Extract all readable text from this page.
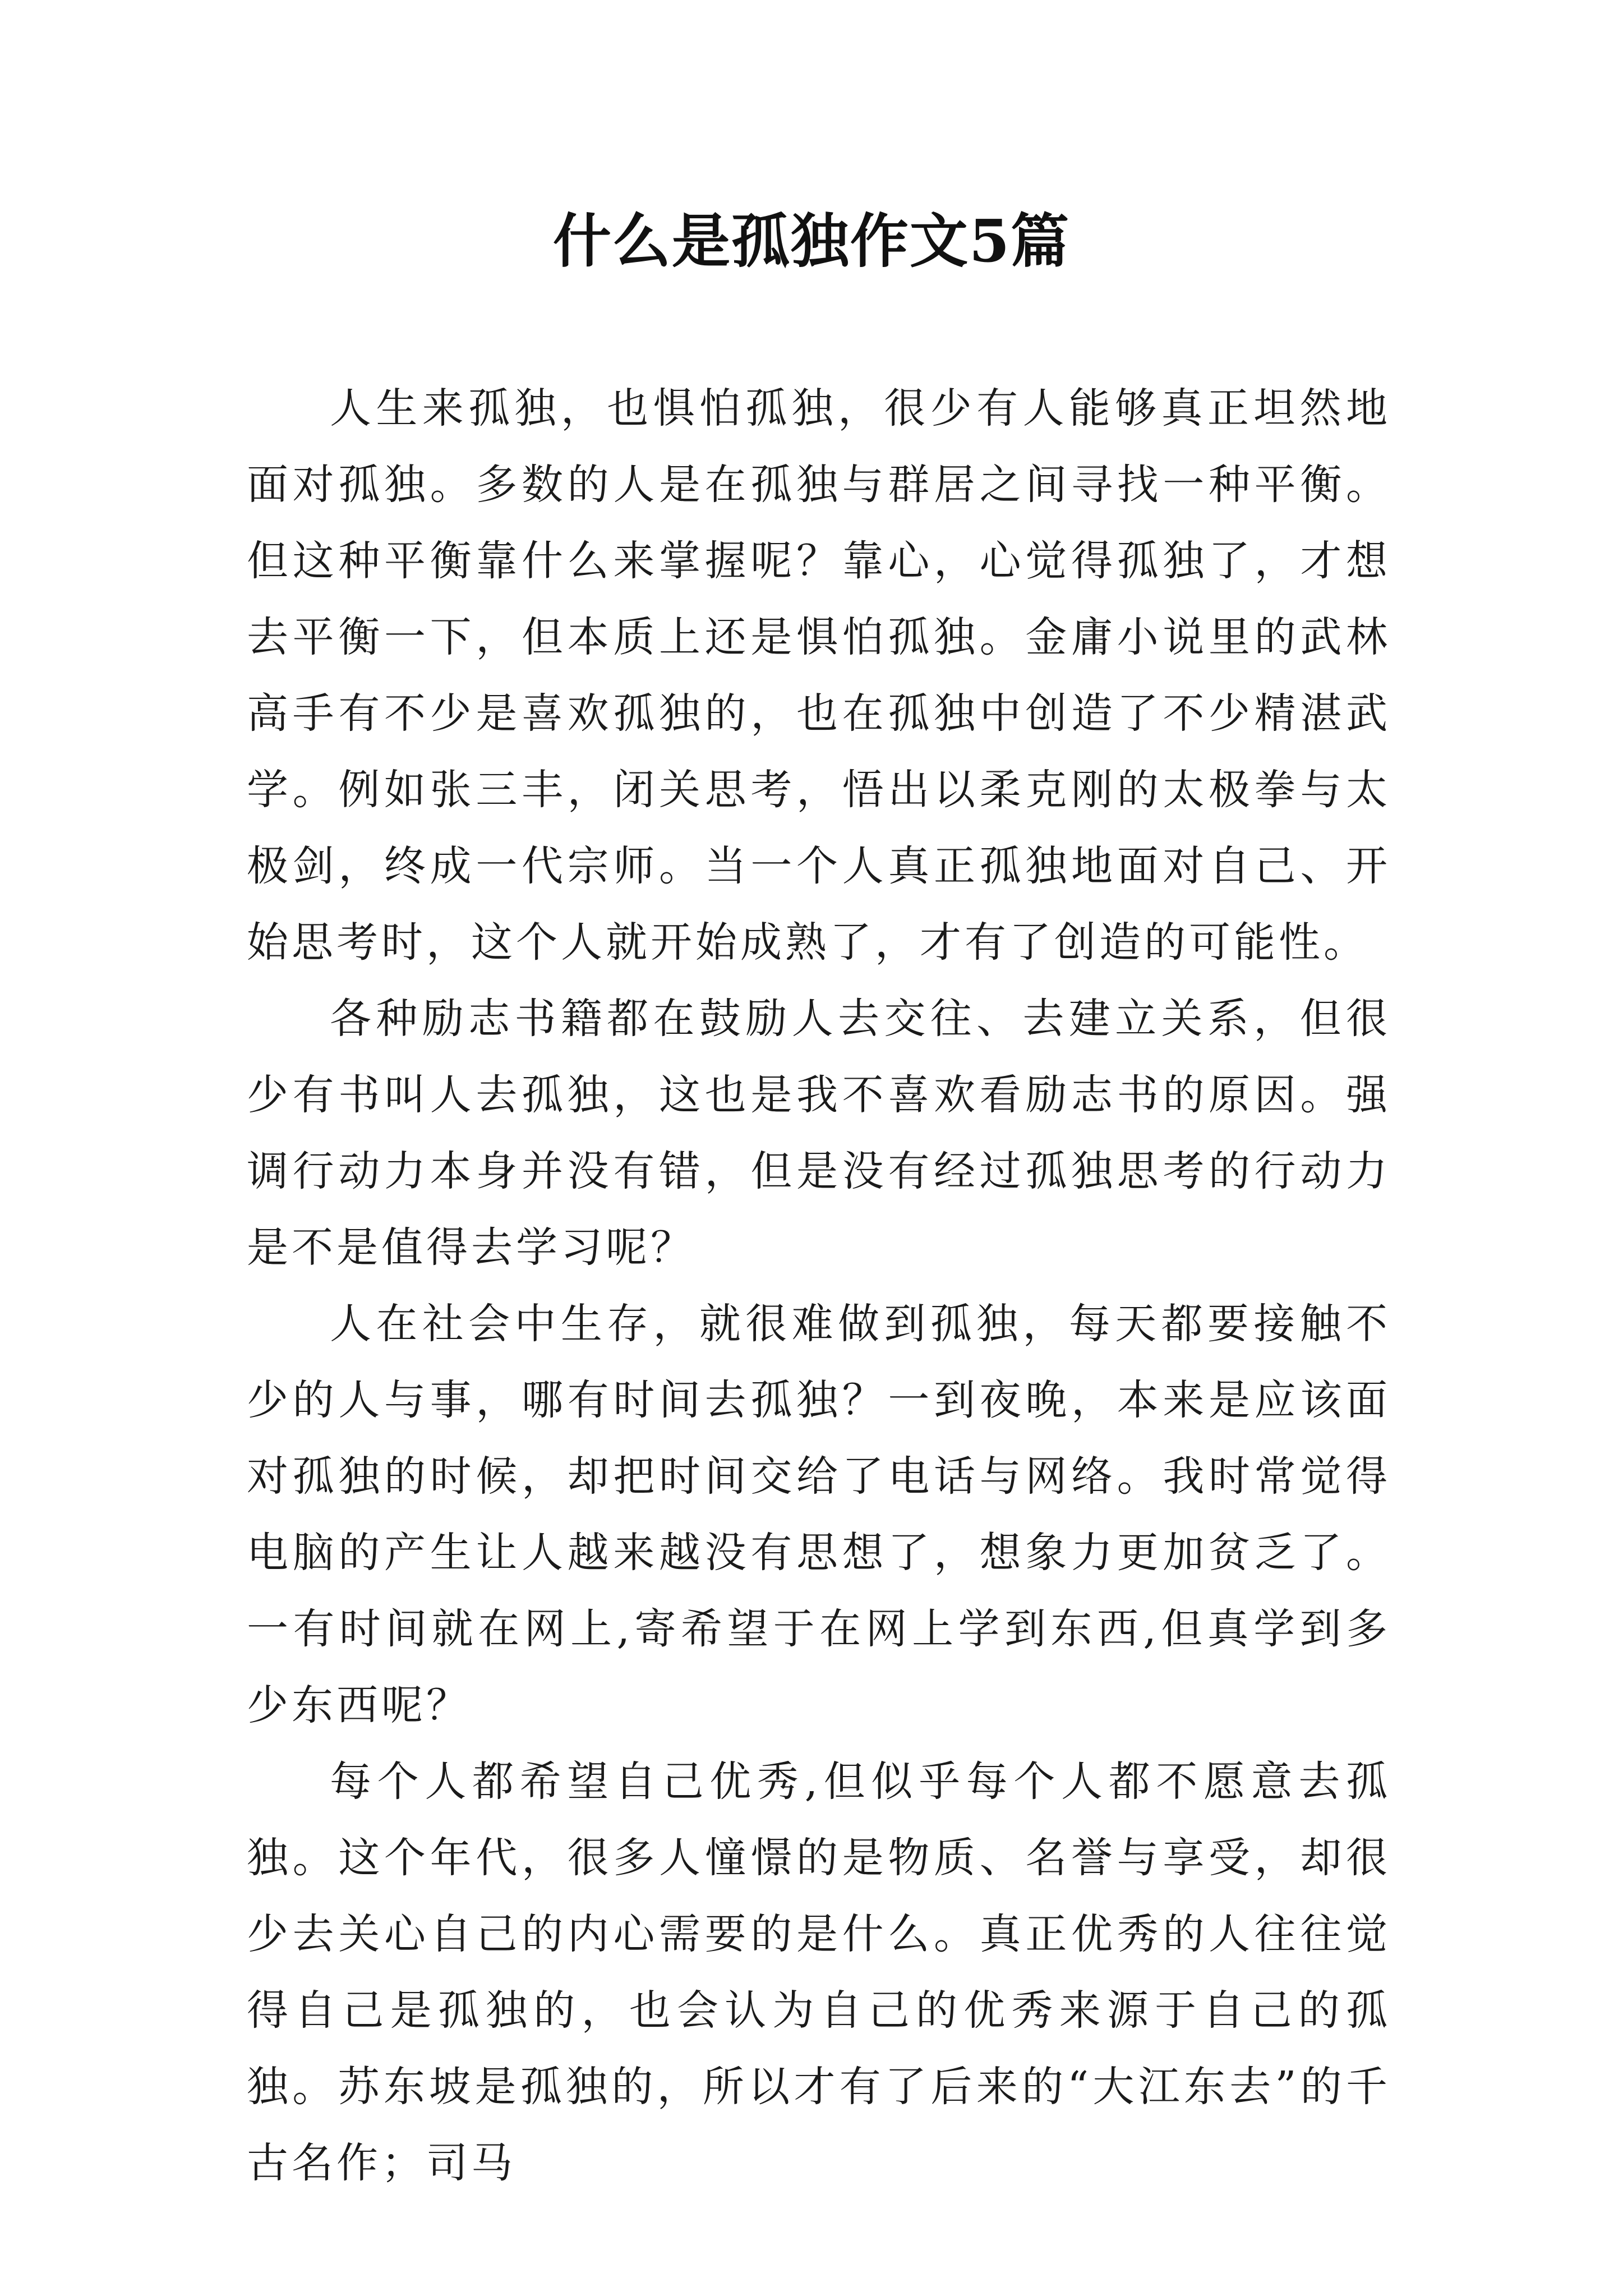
什么是孤独作文5篇

人生来孤独，也惧怕孤独，很少有人能够真正坦然地面对孤独。多数的人是在孤独与群居之间寻找一种平衡。但这种平衡靠什么来掌握呢？靠心，心觉得孤独了，才想去平衡一下，但本质上还是惧怕孤独。金庸小说里的武林高手有不少是喜欢孤独的，也在孤独中创造了不少精湛武学。例如张三丰，闭关思考，悟出以柔克刚的太极拳与太极剑，终成一代宗师。当一个人真正孤独地面对自己、开始思考时，这个人就开始成熟了，才有了创造的可能性。

各种励志书籍都在鼓励人去交往、去建立关系，但很少有书叫人去孤独，这也是我不喜欢看励志书的原因。强调行动力本身并没有错，但是没有经过孤独思考的行动力是不是值得去学习呢？

人在社会中生存，就很难做到孤独，每天都要接触不少的人与事，哪有时间去孤独？一到夜晚，本来是应该面对孤独的时候，却把时间交给了电话与网络。我时常觉得电脑的产生让人越来越没有思想了，想象力更加贫乏了。一有时间就在网上,寄希望于在网上学到东西,但真学到多少东西呢？

每个人都希望自己优秀,但似乎每个人都不愿意去孤独。这个年代，很多人憧憬的是物质、名誉与享受，却很少去关心自己的内心需要的是什么。真正优秀的人往往觉得自己是孤独的，也会认为自己的优秀来源于自己的孤独。苏东坡是孤独的，所以才有了后来的“大江东去”的千古名作；司马
